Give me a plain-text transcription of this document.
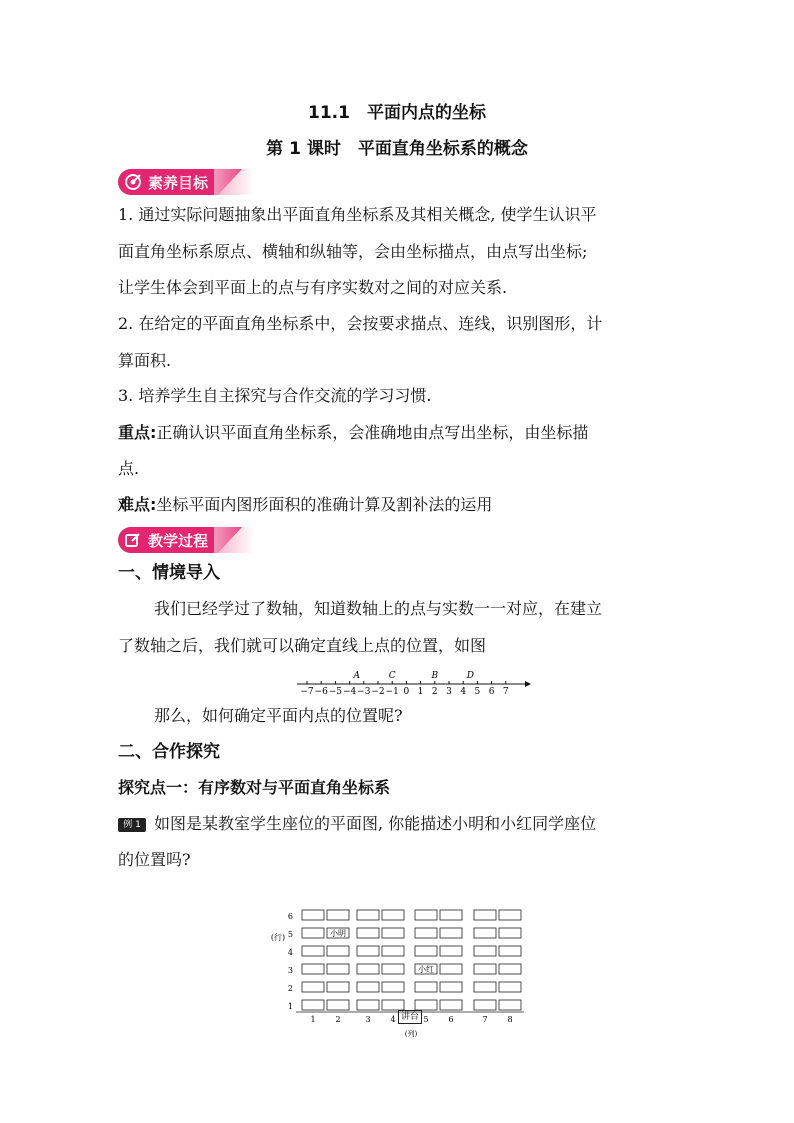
11.1　平面内点的坐标
第 1 课时　平面直角坐标系的概念
素养目标
1. 通过实际问题抽象出平面直角坐标系及其相关概念, 使学生认识平
面直角坐标系原点、横轴和纵轴等，会由坐标描点，由点写出坐标;
让学生体会到平面上的点与有序实数对之间的对应关系.
2. 在给定的平面直角坐标系中，会按要求描点、连线，识别图形，计
算面积.
3. 培养学生自主探究与合作交流的学习习惯.
重点:正确认识平面直角坐标系，会准确地由点写出坐标，由坐标描
点.
难点:坐标平面内图形面积的准确计算及割补法的运用
教学过程
一、情境导入
我们已经学过了数轴，知道数轴上的点与实数一一对应，在建立
了数轴之后，我们就可以确定直线上点的位置，如图
−7 −6 −5 −4 −3 −2 −1 0 1 2 3 4 5 6 7
A	C	B	D
那么，如何确定平面内点的位置呢?
二、合作探究
探究点一：有序数对与平面直角坐标系
例 1 如图是某教室学生座位的平面图, 你能描述小明和小红同学座位
的位置吗?
1
2
3
4
5
6
(行)	小明
小红
1 2	3 4	5 6	7 8
(列)
讲台
